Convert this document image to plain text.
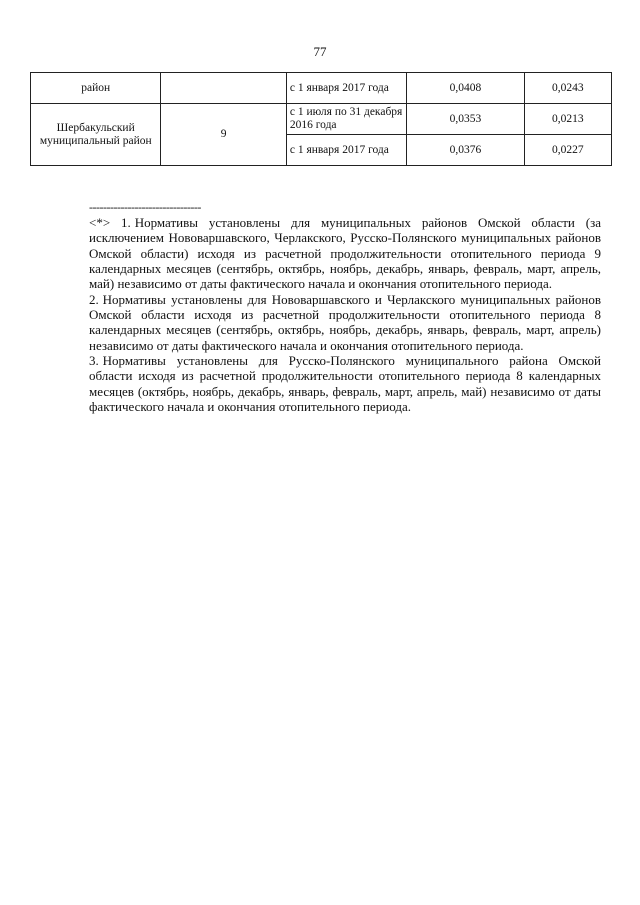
77
район		с 1 января 2017 года	0,0408	0,0243
Шербакульский муниципальный район	9	с 1 июля по 31 декабря 2016 года	0,0353	0,0213
		с 1 января 2017 года	0,0376	0,0227
--------------------------------

<*> 1. Нормативы установлены для муниципальных районов Омской области (за исключением Нововаршавского, Черлакского, Русско-Полянского муниципальных районов Омской области) исходя из расчетной продолжительности отопительного периода 9 календарных месяцев (сентябрь, октябрь, ноябрь, декабрь, январь, февраль, март, апрель, май) независимо от даты фактического начала и окончания отопительного периода.

2. Нормативы установлены для Нововаршавского и Черлакского муниципальных районов Омской области исходя из расчетной продолжительности отопительного периода 8 календарных месяцев (сентябрь, октябрь, ноябрь, декабрь, январь, февраль, март, апрель) независимо от даты фактического начала и окончания отопительного периода.

3. Нормативы установлены для Русско-Полянского муниципального района Омской области исходя из расчетной продолжительности отопительного периода 8 календарных месяцев (октябрь, ноябрь, декабрь, январь, февраль, март, апрель, май) независимо от даты фактического начала и окончания отопительного периода.
